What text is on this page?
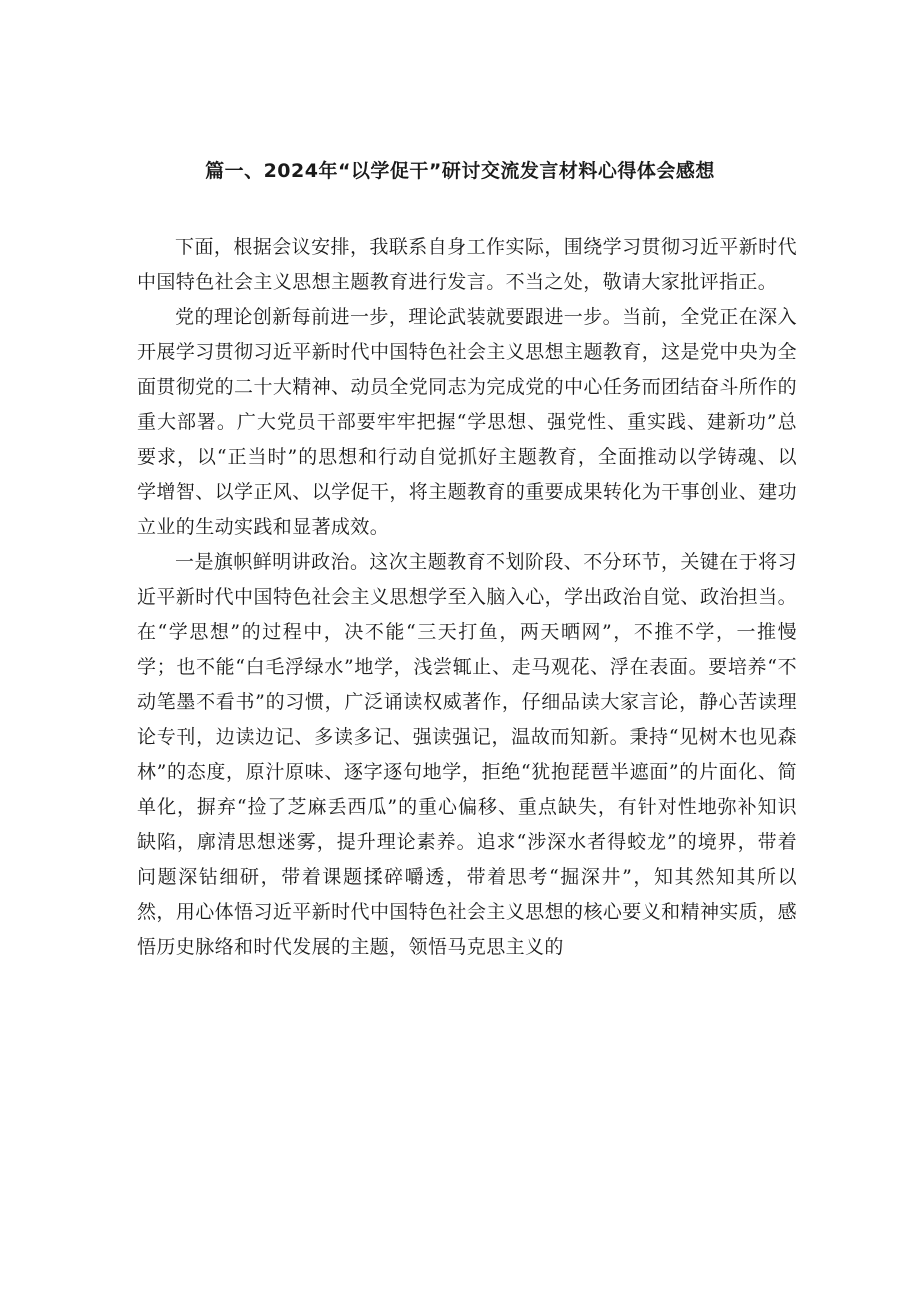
篇一、2024年“以学促干”研讨交流发言材料心得体会感想

下面，根据会议安排，我联系自身工作实际，围绕学习贯彻习近平新时代中国特色社会主义思想主题教育进行发言。不当之处，敬请大家批评指正。

党的理论创新每前进一步，理论武装就要跟进一步。当前，全党正在深入开展学习贯彻习近平新时代中国特色社会主义思想主题教育，这是党中央为全面贯彻党的二十大精神、动员全党同志为完成党的中心任务而团结奋斗所作的重大部署。广大党员干部要牢牢把握“学思想、强党性、重实践、建新功”总要求，以“正当时”的思想和行动自觉抓好主题教育，全面推动以学铸魂、以学增智、以学正风、以学促干，将主题教育的重要成果转化为干事创业、建功立业的生动实践和显著成效。

一是旗帜鲜明讲政治。这次主题教育不划阶段、不分环节，关键在于将习近平新时代中国特色社会主义思想学至入脑入心，学出政治自觉、政治担当。在“学思想”的过程中，决不能“三天打鱼，两天晒网”，不推不学，一推慢学；也不能“白毛浮绿水”地学，浅尝辄止、走马观花、浮在表面。要培养“不动笔墨不看书”的习惯，广泛诵读权威著作，仔细品读大家言论，静心苦读理论专刊，边读边记、多读多记、强读强记，温故而知新。秉持“见树木也见森林”的态度，原汁原味、逐字逐句地学，拒绝“犹抱琵琶半遮面”的片面化、简单化，摒弃“捡了芝麻丢西瓜”的重心偏移、重点缺失，有针对性地弥补知识缺陷，廓清思想迷雾，提升理论素养。追求“涉深水者得蛟龙”的境界，带着问题深钻细研，带着课题揉碎嚼透，带着思考“掘深井”，知其然知其所以然，用心体悟习近平新时代中国特色社会主义思想的核心要义和精神实质，感悟历史脉络和时代发展的主题，领悟马克思主义的
